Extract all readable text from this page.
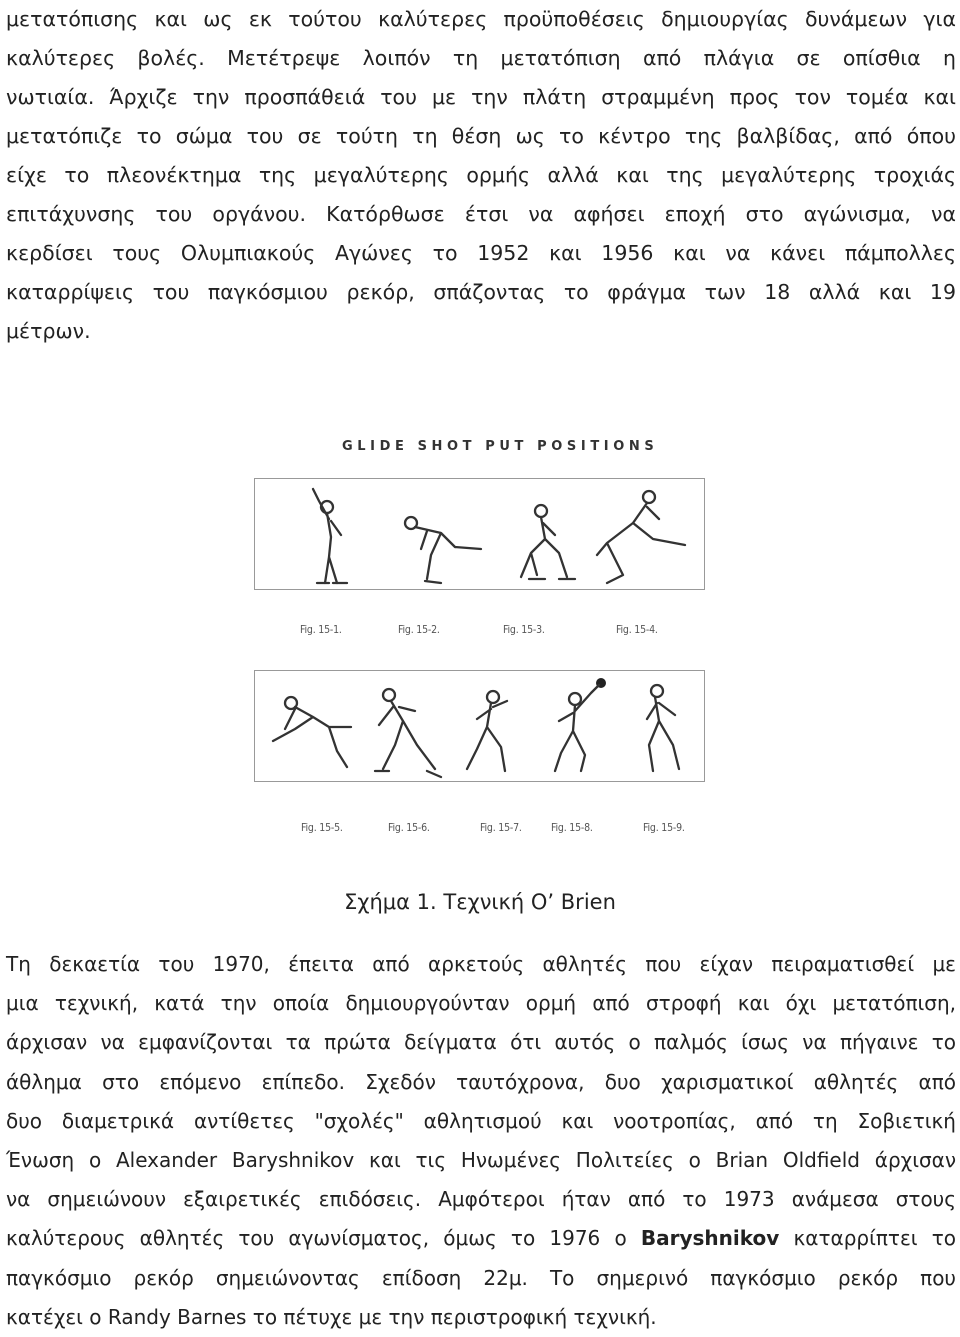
μετατόπισης και ως εκ τούτου καλύτερες προϋποθέσεις δημιουργίας δυνάμεων για
καλύτερες βολές. Μετέτρεψε λοιπόν τη μετατόπιση από πλάγια σε οπίσθια η
νωτιαία. Άρχιζε την προσπάθειά του με την πλάτη στραμμένη προς τον τομέα και
μετατόπιζε το σώμα του σε τούτη τη θέση ως το κέντρο της βαλβίδας, από όπου
είχε το πλεονέκτημα της μεγαλύτερης ορμής αλλά και της μεγαλύτερης τροχιάς
επιτάχυνσης του οργάνου. Κατόρθωσε έτσι να αφήσει εποχή στο αγώνισμα, να
κερδίσει τους Ολυμπιακούς Αγώνες το 1952 και 1956 και να κάνει πάμπολλες
καταρρίψεις του παγκόσμιου ρεκόρ, σπάζοντας το φράγμα των 18 αλλά και 19
μέτρων.
GLIDE SHOT PUT POSITIONS
Fig. 15-1.	Fig. 15-2.	Fig. 15-3.	Fig. 15-4.
Fig. 15-5.	Fig. 15-6.	Fig. 15-7.	Fig. 15-8.	Fig. 15-9.
Σχήμα 1. Τεχνική Ο’ Brien
Τη δεκαετία του 1970, έπειτα από αρκετούς αθλητές που είχαν πειραματισθεί με
μια τεχνική, κατά την οποία δημιουργούνταν ορμή από στροφή και όχι μετατόπιση,
άρχισαν να εμφανίζονται τα πρώτα δείγματα ότι αυτός ο παλμός ίσως να πήγαινε το
άθλημα στο επόμενο επίπεδο. Σχεδόν ταυτόχρονα, δυο χαρισματικοί αθλητές από
δυο διαμετρικά αντίθετες "σχολές" αθλητισμού και νοοτροπίας, από τη Σοβιετική
Ένωση ο Alexander Baryshnikov και τις Ηνωμένες Πολιτείες ο Brian Oldfield άρχισαν
να σημειώνουν εξαιρετικές επιδόσεις. Αμφότεροι ήταν από το 1973 ανάμεσα στους
καλύτερους αθλητές του αγωνίσματος, όμως το 1976 ο Baryshnikov καταρρίπτει το
παγκόσμιο ρεκόρ σημειώνοντας επίδοση 22μ. Το σημερινό παγκόσμιο ρεκόρ που
κατέχει ο Randy Barnes το πέτυχε με την περιστροφική τεχνική.
